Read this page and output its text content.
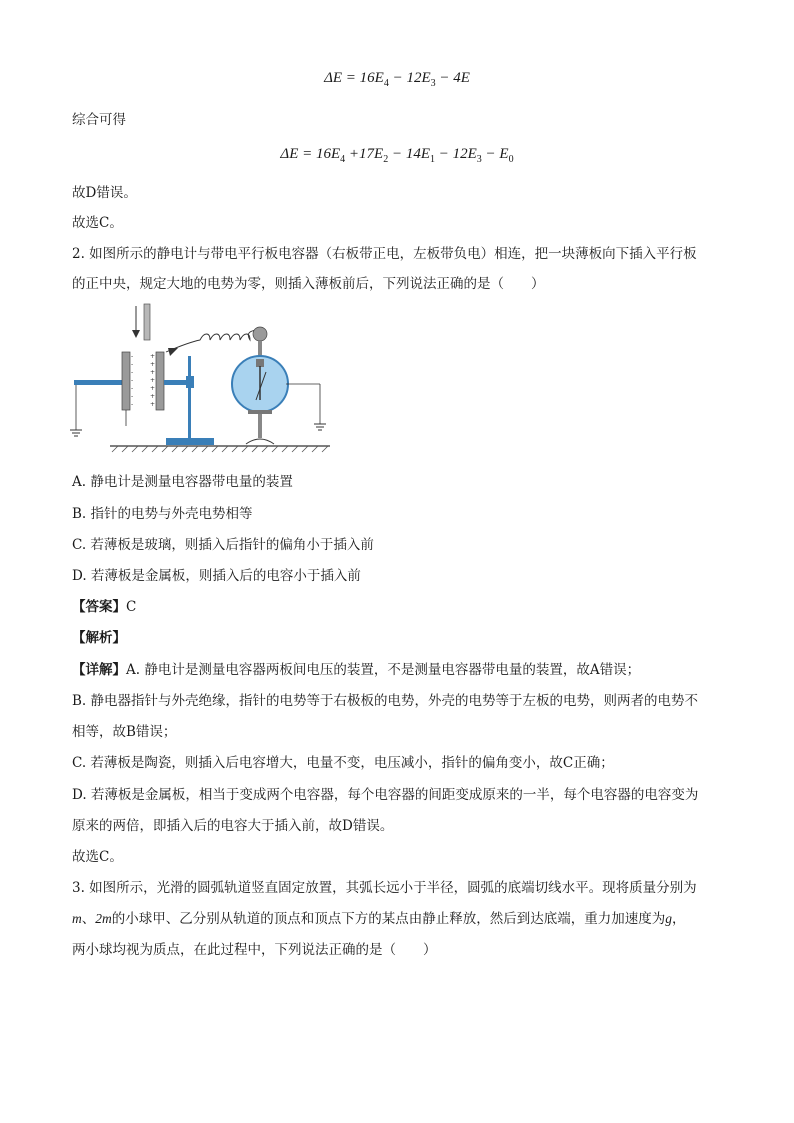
$\Delta E = 16E_4 - 12E_3 - 4E$
综合可得
$\Delta E = 16E_4 +17E_2 - 14E_1 - 12E_3 - E_0$
故D错误。
故选C。
2. 如图所示的静电计与带电平行板电容器（右板带正电，左板带负电）相连，把一块薄板向下插入平行板
的正中央，规定大地的电势为零，则插入薄板前后，下列说法正确的是（　　）
-
-
-
-
-
-
-
+
+
+
+
+
+
+
A. 静电计是测量电容器带电量的装置
B. 指针的电势与外壳电势相等
C. 若薄板是玻璃，则插入后指针的偏角小于插入前
D. 若薄板是金属板，则插入后的电容小于插入前
【答案】C
【解析】
【详解】A. 静电计是测量电容器两板间电压的装置，不是测量电容器带电量的装置，故A错误；
B. 静电器指针与外壳绝缘，指针的电势等于右极板的电势，外壳的电势等于左板的电势，则两者的电势不
相等，故B错误；
C. 若薄板是陶瓷，则插入后电容增大，电量不变，电压减小，指针的偏角变小，故C正确；
D. 若薄板是金属板，相当于变成两个电容器，每个电容器的间距变成原来的一半，每个电容器的电容变为
原来的两倍，即插入后的电容大于插入前，故D错误。
故选C。
3. 如图所示，光滑的圆弧轨道竖直固定放置，其弧长远小于半径，圆弧的底端切线水平。现将质量分别为
m、2m的小球甲、乙分别从轨道的顶点和顶点下方的某点由静止释放，然后到达底端，重力加速度为g，
两小球均视为质点，在此过程中，下列说法正确的是（　　）
